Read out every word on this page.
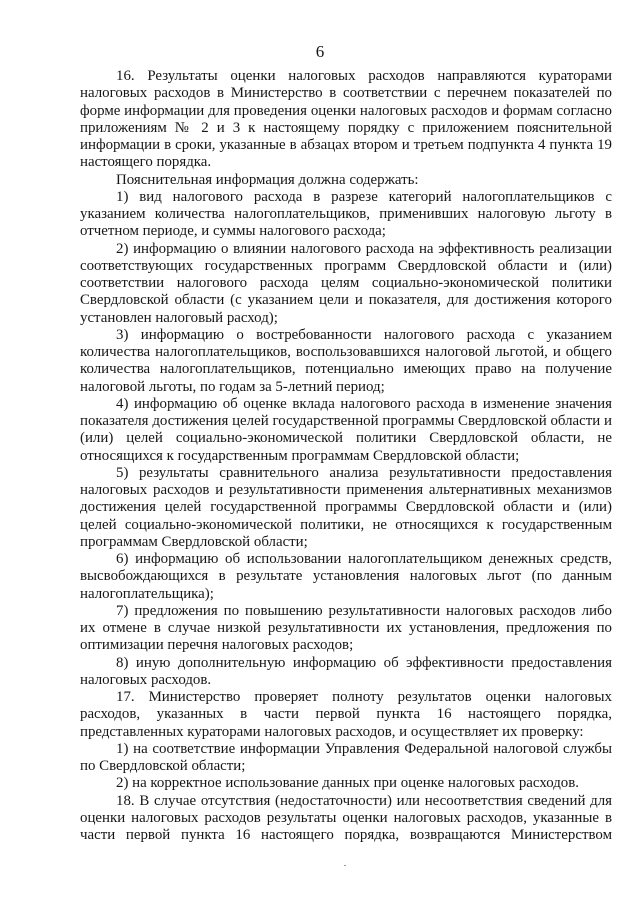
6

16. Результаты оценки налоговых расходов направляются кураторами налоговых расходов в Министерство в соответствии с перечнем показателей по форме информации для проведения оценки налоговых расходов и формам согласно приложениям № 2 и 3 к настоящему порядку с приложением пояснительной информации в сроки, указанные в абзацах втором и третьем подпункта 4 пункта 19 настоящего порядка.

Пояснительная информация должна содержать:

1) вид налогового расхода в разрезе категорий налогоплательщиков с указанием количества налогоплательщиков, применивших налоговую льготу в отчетном периоде, и суммы налогового расхода;

2) информацию о влиянии налогового расхода на эффективность реализации соответствующих государственных программ Свердловской области и (или) соответствии налогового расхода целям социально-экономической политики Свердловской области (с указанием цели и показателя, для достижения которого установлен налоговый расход);

3) информацию о востребованности налогового расхода с указанием количества налогоплательщиков, воспользовавшихся налоговой льготой, и общего количества налогоплательщиков, потенциально имеющих право на получение налоговой льготы, по годам за 5-летний период;

4) информацию об оценке вклада налогового расхода в изменение значения показателя достижения целей государственной программы Свердловской области и (или) целей социально-экономической политики Свердловской области, не относящихся к государственным программам Свердловской области;

5) результаты сравнительного анализа результативности предоставления налоговых расходов и результативности применения альтернативных механизмов достижения целей государственной программы Свердловской области и (или) целей социально-экономической политики, не относящихся к государственным программам Свердловской области;

6) информацию об использовании налогоплательщиком денежных средств, высвобождающихся в результате установления налоговых льгот (по данным налогоплательщика);

7) предложения по повышению результативности налоговых расходов либо их отмене в случае низкой результативности их установления, предложения по оптимизации перечня налоговых расходов;

8) иную дополнительную информацию об эффективности предоставления налоговых расходов.

17. Министерство проверяет полноту результатов оценки налоговых расходов, указанных в части первой пункта 16 настоящего порядка, представленных кураторами налоговых расходов, и осуществляет их проверку:

1) на соответствие информации Управления Федеральной налоговой службы по Свердловской области;

2) на корректное использование данных при оценке налоговых расходов.

18. В случае отсутствия (недостаточности) или несоответствия сведений для оценки налоговых расходов результаты оценки налоговых расходов, указанные в части первой пункта 16 настоящего порядка, возвращаются Министерством
